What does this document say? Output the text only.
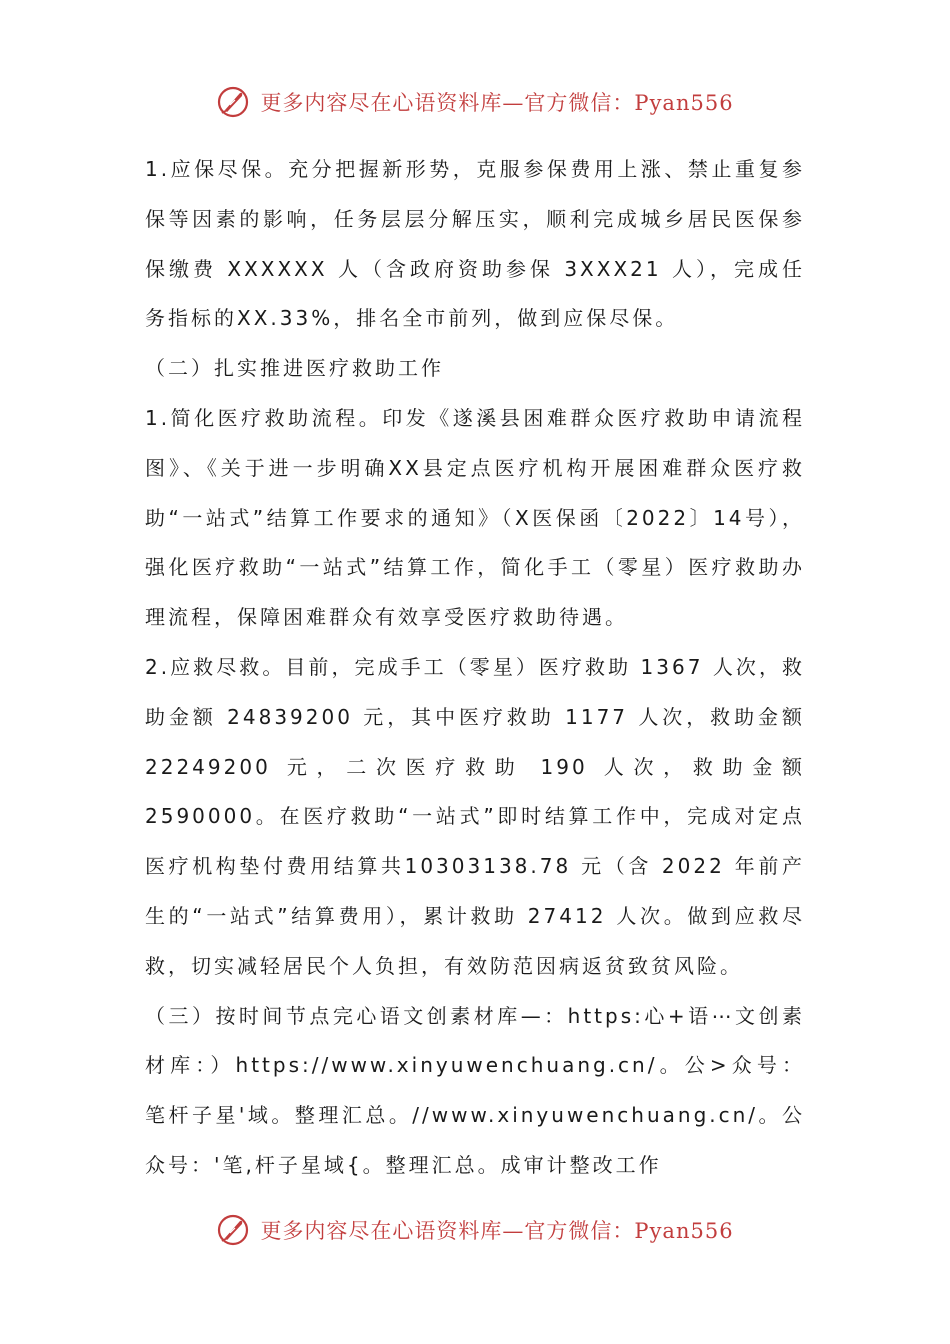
更多内容尽在心语资料库—官方微信：Pyan556

1.应保尽保。充分把握新形势，克服参保费用上涨、禁止重复参保等因素的影响，任务层层分解压实，顺利完成城乡居民医保参保缴费 XXXXXX 人（含政府资助参保 3XXX21 人），完成任务指标的XX.33%，排名全市前列，做到应保尽保。

（二）扎实推进医疗救助工作

1.简化医疗救助流程。印发《遂溪县困难群众医疗救助申请流程图》、《关于进一步明确XX县定点医疗机构开展困难群众医疗救助“一站式”结算工作要求的通知》（X医保函〔2022〕14号），强化医疗救助“一站式”结算工作，简化手工（零星）医疗救助办理流程，保障困难群众有效享受医疗救助待遇。

2.应救尽救。目前，完成手工（零星）医疗救助 1367 人次，救助金额 24839200 元，其中医疗救助 1177 人次，救助金额 22249200 元，二次医疗救助 190 人次，救助金额 2590000。在医疗救助“一站式”即时结算工作中，完成对定点医疗机构垫付费用结算共10303138.78 元（含 2022 年前产生的“一站式”结算费用），累计救助 27412 人次。做到应救尽救，切实减轻居民个人负担，有效防范因病返贫致贫风险。

（三）按时间节点完心语文创素材库—：https:心+语⋯文创素材库：）https://www.xinyuwenchuang.cn/。公>众号：笔杆子星'域。整理汇总。//www.xinyuwenchuang.cn/。公众号：'笔,杆子星域{。整理汇总。成审计整改工作

更多内容尽在心语资料库—官方微信：Pyan556
